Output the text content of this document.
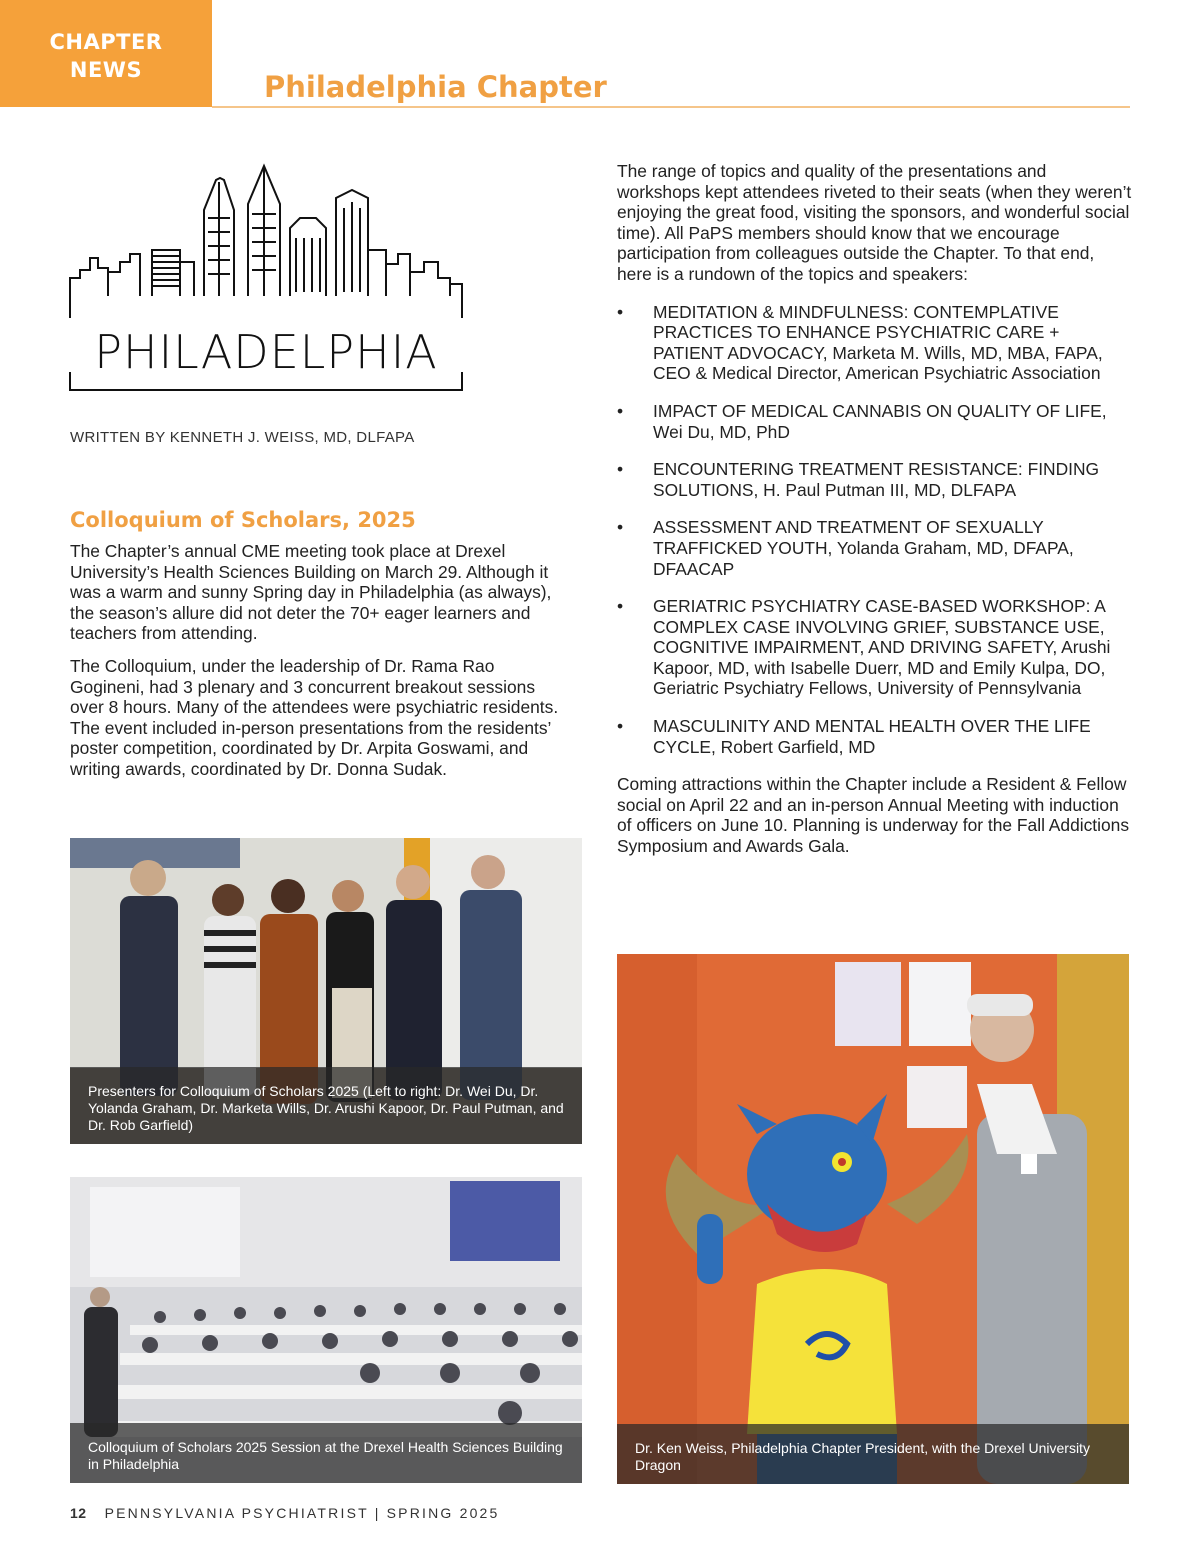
CHAPTER
NEWS	Philadelphia Chapter
PHILADELPHIA
WRITTEN BY KENNETH J. WEISS, MD, DLFAPA
Colloquium of Scholars, 2025

The Chapter’s annual CME meeting took place at Drexel University’s Health Sciences Building on March 29. Although it was a warm and sunny Spring day in Philadelphia (as always), the season’s allure did not deter the 70+ eager learners and teachers from attending.

The Colloquium, under the leadership of Dr. Rama Rao Gogineni, had 3 plenary and 3 concurrent breakout sessions over 8 hours. Many of the attendees were psychiatric residents. The event included in-person presentations from the residents’ poster competition, coordinated by Dr. Arpita Goswami, and writing awards, coordinated by Dr. Donna Sudak.

The range of topics and quality of the presentations and workshops kept attendees riveted to their seats (when they weren’t enjoying the great food, visiting the sponsors, and wonderful social time). All PaPS members should know that we encourage participation from colleagues outside the Chapter. To that end, here is a rundown of the topics and speakers:

• MEDITATION & MINDFULNESS: CONTEMPLATIVE PRACTICES TO ENHANCE PSYCHIATRIC CARE + PATIENT ADVOCACY, Marketa M. Wills, MD, MBA, FAPA, CEO & Medical Director, American Psychiatric Association
• IMPACT OF MEDICAL CANNABIS ON QUALITY OF LIFE, Wei Du, MD, PhD
• ENCOUNTERING TREATMENT RESISTANCE: FINDING SOLUTIONS, H. Paul Putman III, MD, DLFAPA
• ASSESSMENT AND TREATMENT OF SEXUALLY TRAFFICKED YOUTH, Yolanda Graham, MD, DFAPA, DFAACAP
• GERIATRIC PSYCHIATRY CASE-BASED WORKSHOP: A COMPLEX CASE INVOLVING GRIEF, SUBSTANCE USE, COGNITIVE IMPAIRMENT, AND DRIVING SAFETY, Arushi Kapoor, MD, with Isabelle Duerr, MD and Emily Kulpa, DO, Geriatric Psychiatry Fellows, University of Pennsylvania
• MASCULINITY AND MENTAL HEALTH OVER THE LIFE CYCLE, Robert Garfield, MD

Coming attractions within the Chapter include a Resident & Fellow social on April 22 and an in-person Annual Meeting with induction of officers on June 10. Planning is underway for the Fall Addictions Symposium and Awards Gala.

Presenters for Colloquium of Scholars 2025 (Left to right: Dr. Wei Du, Dr. Yolanda Graham, Dr. Marketa Wills, Dr. Arushi Kapoor, Dr. Paul Putman, and Dr. Rob Garfield)
Colloquium of Scholars 2025 Session at the Drexel Health Sciences Building in Philadelphia
Dr. Ken Weiss, Philadelphia Chapter President, with the Drexel University Dragon
12 PENNSYLVANIA PSYCHIATRIST | SPRING 2025
